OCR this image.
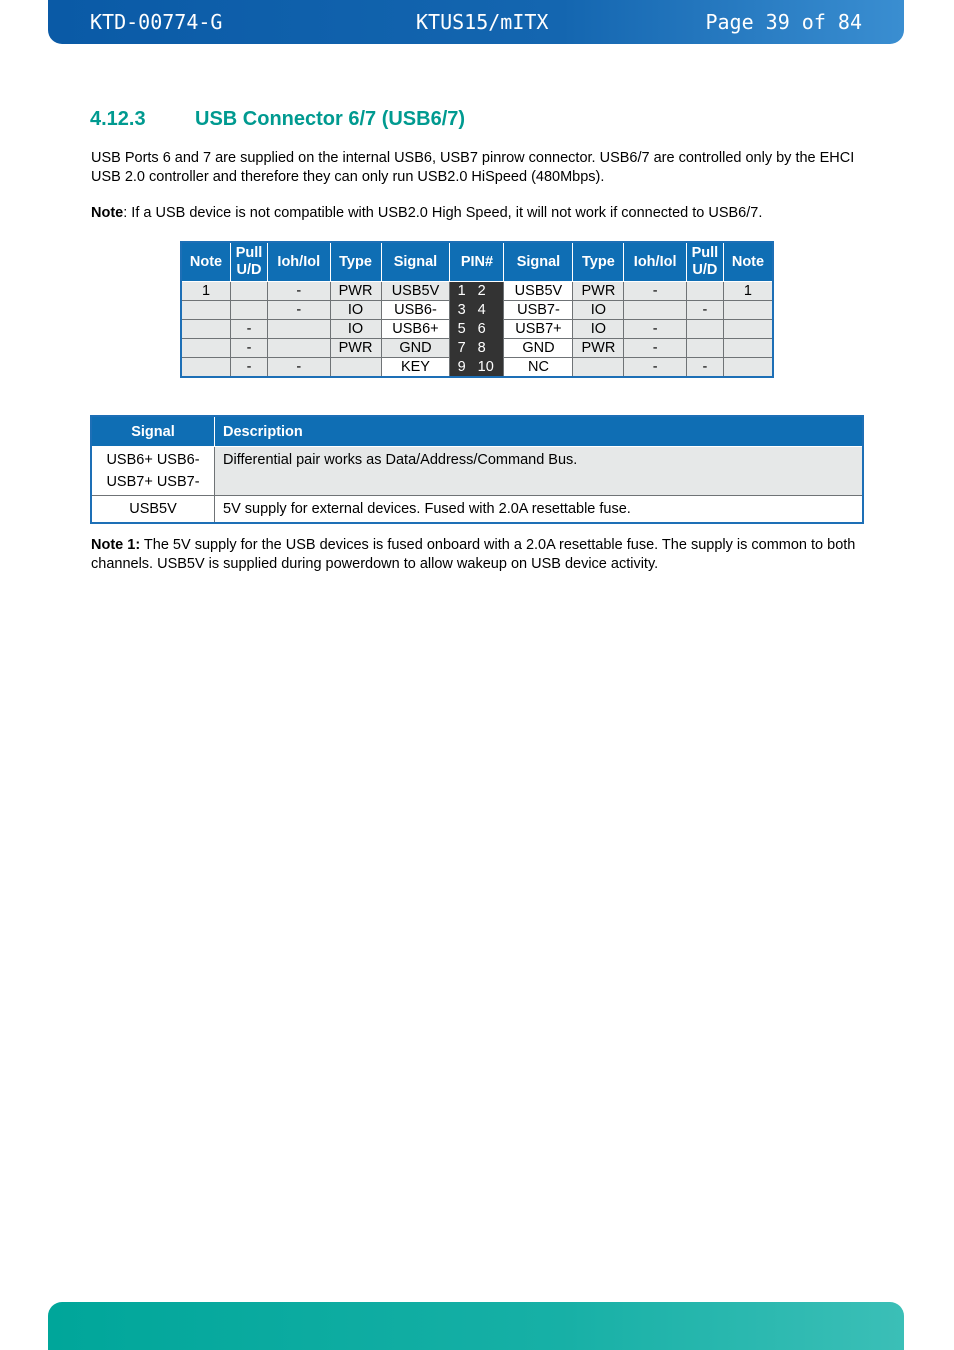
KTD-00774-G	KTUS15/mITX	Page 39 of 84
4.12.3 USB Connector 6/7 (USB6/7)

USB Ports 6 and 7 are supplied on the internal USB6, USB7 pinrow connector. USB6/7 are controlled only by the EHCI USB 2.0 controller and therefore they can only run USB2.0 HiSpeed (480Mbps).

Note: If a USB device is not compatible with USB2.0 High Speed, it will not work if connected to USB6/7.

Note	Pull U/D	Ioh/Iol	Type	Signal	PIN#		Signal	Type	Ioh/Iol	Pull U/D	Note
1		-	PWR	USB5V	1	2	USB5V	PWR	-		1
		-	IO	USB6-	3	4	USB7-	IO		-	
	-		IO	USB6+	5	6	USB7+	IO	-		
	-		PWR	GND	7	8	GND	PWR	-		
	-	-		KEY	9	10	NC		-	-	
Signal	Description

USB6+ USB6-
USB7+ USB7-	Differential pair works as Data/Address/Command Bus.
USB5V	5V supply for external devices. Fused with 2.0A resettable fuse.

Note 1: The 5V supply for the USB devices is fused onboard with a 2.0A resettable fuse. The supply is common to both channels. USB5V is supplied during powerdown to allow wakeup on USB device activity.
